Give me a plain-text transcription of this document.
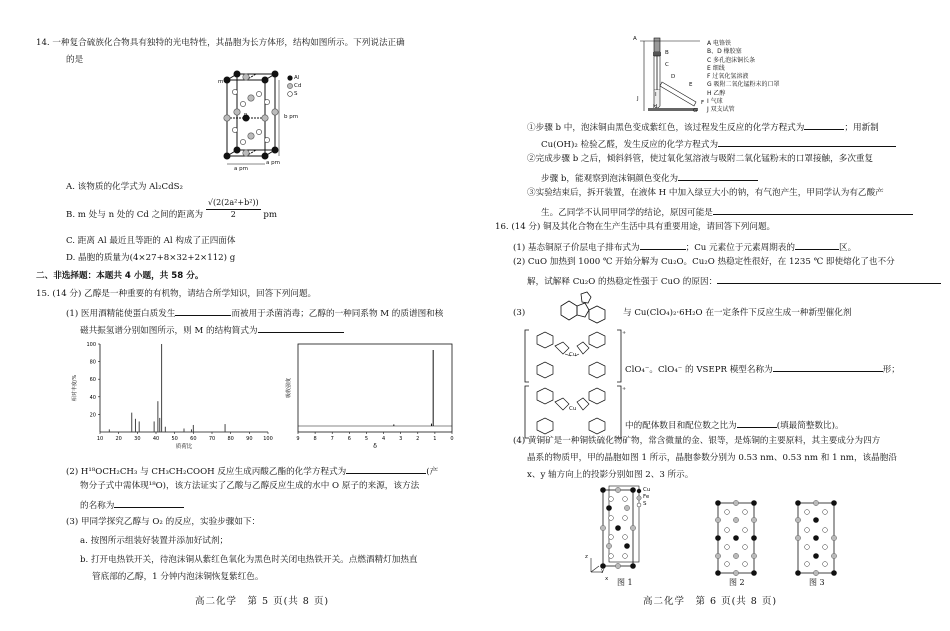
14. 一种复合硫族化合物具有独特的光电特性，其晶胞为长方体形，结构如图所示。下列说法正确
的是
Al
Cd
S
m
n
a pm
b pm
a pm
A. 该物质的化学式为 Al₂CdS₂
B. m 处与 n 处的 Cd 之间的距离为 $\frac{\text{√(2(2a²+b²))}}{2}$ pm
C. 距离 Al 最近且等距的 Al 构成了正四面体
D. 晶胞的质量为(4×27+8×32+2×112) g
二、非选择题：本题共 4 小题，共 58 分。
15. (14 分) 乙醇是一种重要的有机物，请结合所学知识，回答下列问题。
(1) 医用酒精能使蛋白质发生	而被用于杀菌消毒；乙醇的一种同系物 M 的质谱图和核
磁共振氢谱分别如图所示，则 M 的结构简式为
100
80
60
40
20
10 20 30 40 50 60 70 80 90 100
相对丰度/%
质荷比
9	8	7	6	5	4	3	2	1	0
吸收强度
δ
(2) H¹⁸OCH₂CH₃ 与 CH₃CH₂COOH 反应生成丙酸乙酯的化学方程式为	(产
物分子式中需体现¹⁸O)，该方法证实了乙酸与乙醇反应生成的水中 O 原子的来源，该方法
的名称为
(3) 甲同学探究乙醇与 O₂ 的反应，实验步骤如下：
a. 按图所示组装好装置并添加好试剂；
b. 打开电热铁开关，待泡沫铜从紫红色氧化为黑色时关闭电热铁开关。点燃酒精灯加热直
管底部的乙醇，1 分钟内泡沫铜恢复紫红色。
高二化学　第 5 页(共 8 页)
A
B
C
D
E
F
G
H
I
J
A 电铬铁
B、D 橡胶塞
C 多孔泡沫铜长条
E 细线
F 过氧化氢溶液
G 吸附二氧化锰粉末的口罩
H 乙醇
I 气球
J 双支试管
①步骤 b 中，泡沫铜由黑色变成紫红色，该过程发生反应的化学方程式为	；用新制
Cu(OH)₂ 检验乙醛，发生反应的化学方程式为
②完成步骤 b 之后，倾斜斜管，使过氧化氢溶液与吸附二氧化锰粉末的口罩接触，多次重复
步骤 b，能观察到泡沫铜颜色变化为
③实验结束后，拆开装置，在液体 H 中加入绿豆大小的钠，有气泡产生，甲同学认为有乙酸产
生。乙同学不认同甲同学的结论，原因可能是
16. (14 分) 铜及其化合物在生产生活中具有重要用途，请回答下列问题。
(1) 基态铜原子价层电子排布式为	；Cu 元素位于元素周期表的	区。
(2) CuO 加热到 1000 ℃ 开始分解为 Cu₂O。Cu₂O 热稳定性很好，在 1235 ℃ 即使熔化了也不分
解，试解释 Cu₂O 的热稳定性强于 CuO 的原因：
(3)	与 Cu(ClO₄)₂·6H₂O 在一定条件下反应生成一种新型催化剂
+
Cu
ClO₄⁻。ClO₄⁻ 的 VSEPR 模型名称为	形；
+
Cu
中的配体数目和配位数之比为	(填最简整数比)。
(4) 黄铜矿是一种铜铁硫化物矿物，常含微量的金、银等，是炼铜的主要原料，其主要成分为四方
晶系的物质甲，甲的晶胞如图 1 所示，晶胞参数分别为 0.53 nm、0.53 nm 和 1 nm，该晶胞沿
x、y 轴方向上的投影分别如图 2、3 所示。
z
y
x
Cu
Fe
S
图 1	图 2	图 3
高二化学　第 6 页(共 8 页)
